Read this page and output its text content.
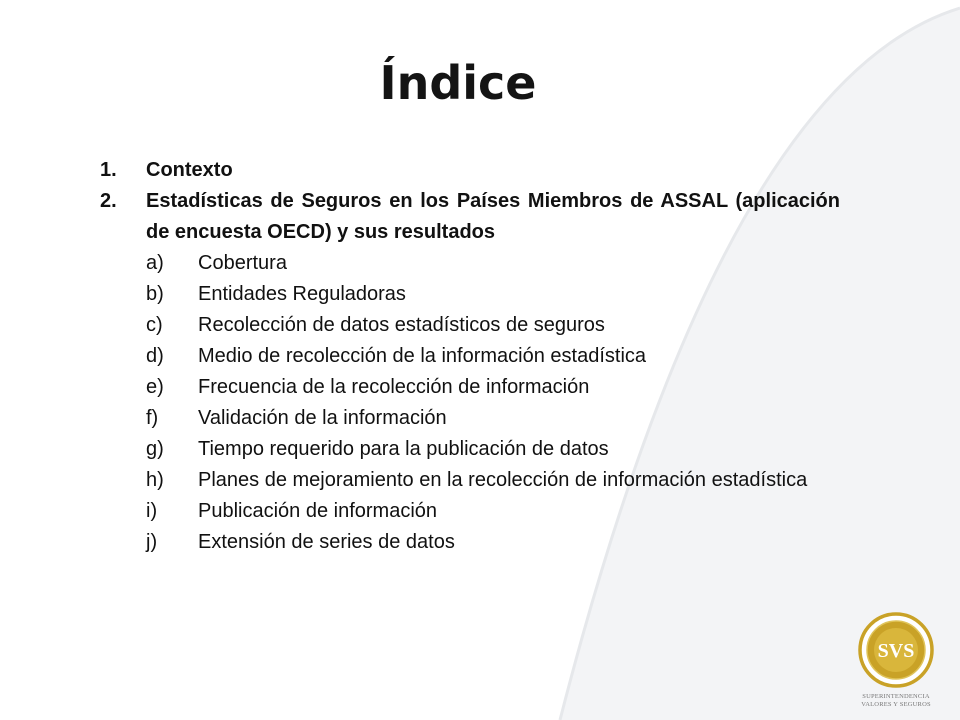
Índice
1.	Contexto
2.	Estadísticas de Seguros en los Países Miembros de ASSAL (aplicación de encuesta OECD) y sus resultados
a)	Cobertura
b)	Entidades Reguladoras
c)	Recolección de datos estadísticos de seguros
d)	Medio de recolección de la información estadística
e)	Frecuencia de la recolección de información
f)	Validación de la información
g)	Tiempo requerido para la publicación de datos
h)	Planes de mejoramiento en la recolección de información estadística
i)	Publicación de información
j)	Extensión de series de datos
SVS
SUPERINTENDENCIA
VALORES Y SEGUROS
